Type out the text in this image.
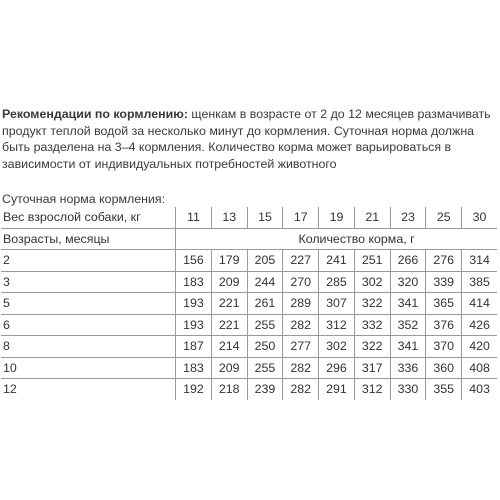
Рекомендации по кормлению: щенкам в возрасте от 2 до 12 месяцев размачивать продукт теплой водой за несколько минут до кормления. Суточная норма должна быть разделена на 3–4 кормления. Количество корма может варьироваться в зависимости от индивидуальных потребностей животного

Суточная норма кормления:

Вес взрослой собаки, кг	11	13	15	17	19	21	23	25	30
Возрасты, месяцы	Количество корма, г								
2	156	179	205	227	241	251	266	276	314
3	183	209	244	270	285	302	320	339	385
5	193	221	261	289	307	322	341	365	414
6	193	221	255	282	312	332	352	376	426
8	187	214	250	277	302	322	341	370	420
10	183	209	255	282	296	317	336	360	408
12	192	218	239	282	291	312	330	355	403
